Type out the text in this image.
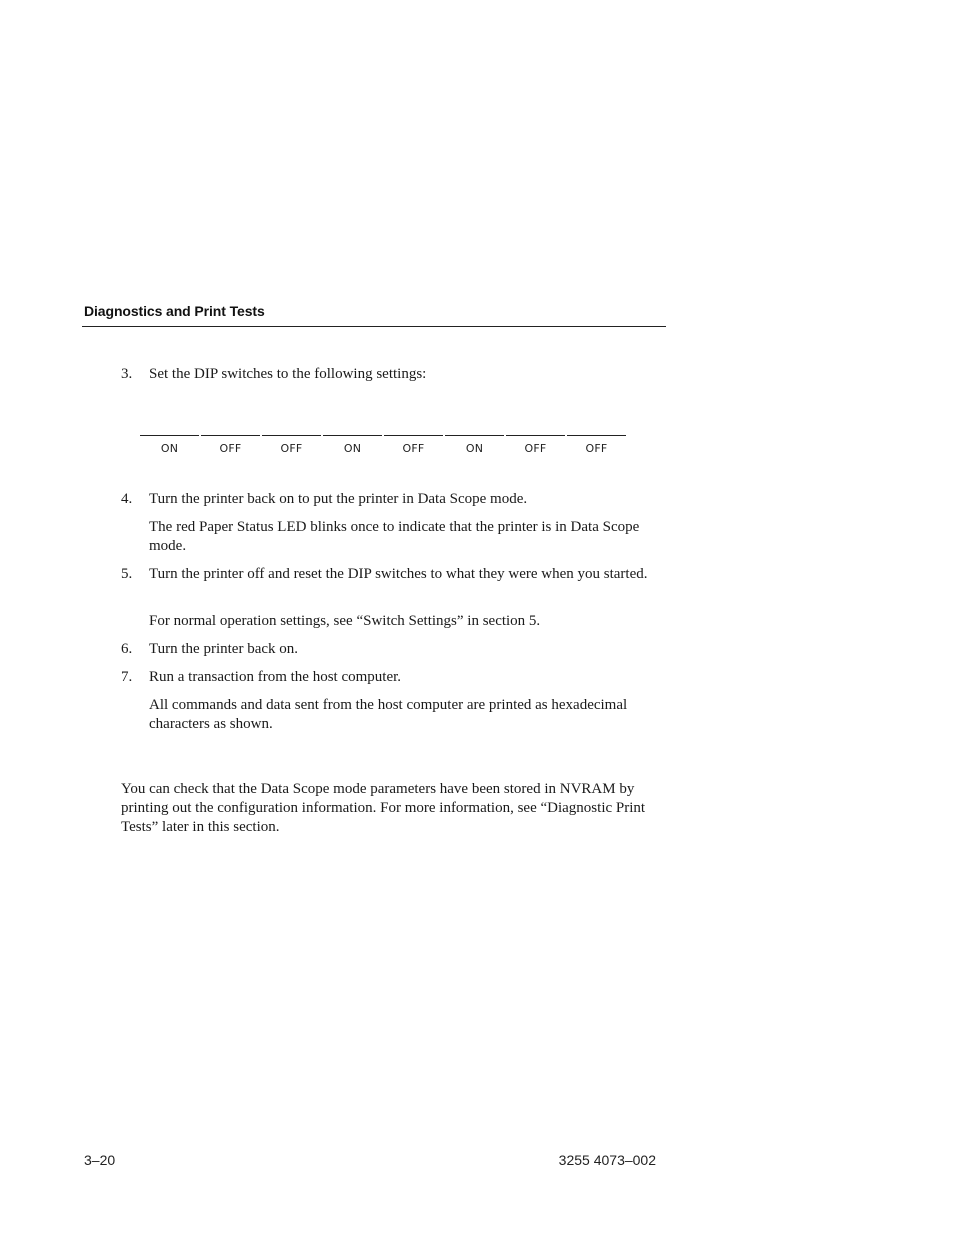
Diagnostics and Print Tests
3. Set the DIP switches to the following settings:
ON	OFF	OFF	ON	OFF	ON	OFF	OFF
4. Turn the printer back on to put the printer in Data Scope mode.
The red Paper Status LED blinks once to indicate that the printer is in Data Scope mode.
5. Turn the printer off and reset the DIP switches to what they were when you started.
For normal operation settings, see “Switch Settings” in section 5.
6. Turn the printer back on.
7. Run a transaction from the host computer.
All commands and data sent from the host computer are printed as hexadecimal characters as shown.
You can check that the Data Scope mode parameters have been stored in NVRAM by printing out the configuration information. For more information, see “Diagnostic Print Tests” later in this section.
3–20	3255 4073–002
